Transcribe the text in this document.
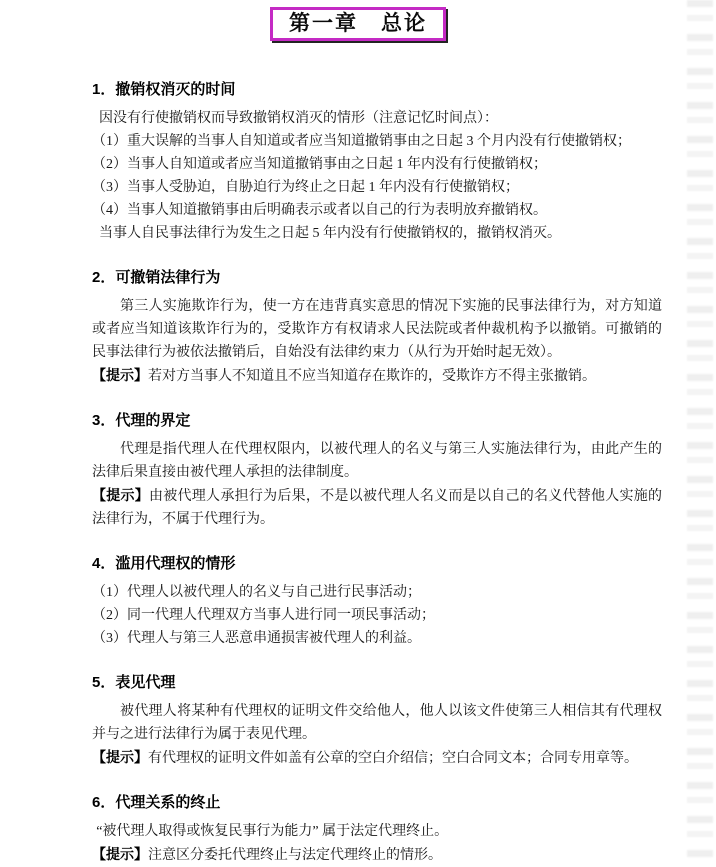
第一章　总论
1．撤销权消灭的时间

因没有行使撤销权而导致撤销权消灭的情形（注意记忆时间点）：

（1）重大误解的当事人自知道或者应当知道撤销事由之日起 3 个月内没有行使撤销权；

（2）当事人自知道或者应当知道撤销事由之日起 1 年内没有行使撤销权；

（3）当事人受胁迫，自胁迫行为终止之日起 1 年内没有行使撤销权；

（4）当事人知道撤销事由后明确表示或者以自己的行为表明放弃撤销权。

当事人自民事法律行为发生之日起 5 年内没有行使撤销权的，撤销权消灭。

2．可撤销法律行为

第三人实施欺诈行为，使一方在违背真实意思的情况下实施的民事法律行为，对方知道或者应当知道该欺诈行为的，受欺诈方有权请求人民法院或者仲裁机构予以撤销。可撤销的民事法律行为被依法撤销后，自始没有法律约束力（从行为开始时起无效）。

【提示】若对方当事人不知道且不应当知道存在欺诈的，受欺诈方不得主张撤销。

3．代理的界定

代理是指代理人在代理权限内，以被代理人的名义与第三人实施法律行为，由此产生的法律后果直接由被代理人承担的法律制度。

【提示】由被代理人承担行为后果，不是以被代理人名义而是以自己的名义代替他人实施的法律行为，不属于代理行为。

4．滥用代理权的情形

（1）代理人以被代理人的名义与自己进行民事活动；

（2）同一代理人代理双方当事人进行同一项民事活动；

（3）代理人与第三人恶意串通损害被代理人的利益。

5．表见代理

被代理人将某种有代理权的证明文件交给他人，他人以该文件使第三人相信其有代理权并与之进行法律行为属于表见代理。

【提示】有代理权的证明文件如盖有公章的空白介绍信；空白合同文本；合同专用章等。

6．代理关系的终止

“被代理人取得或恢复民事行为能力” 属于法定代理终止。

【提示】注意区分委托代理终止与法定代理终止的情形。
